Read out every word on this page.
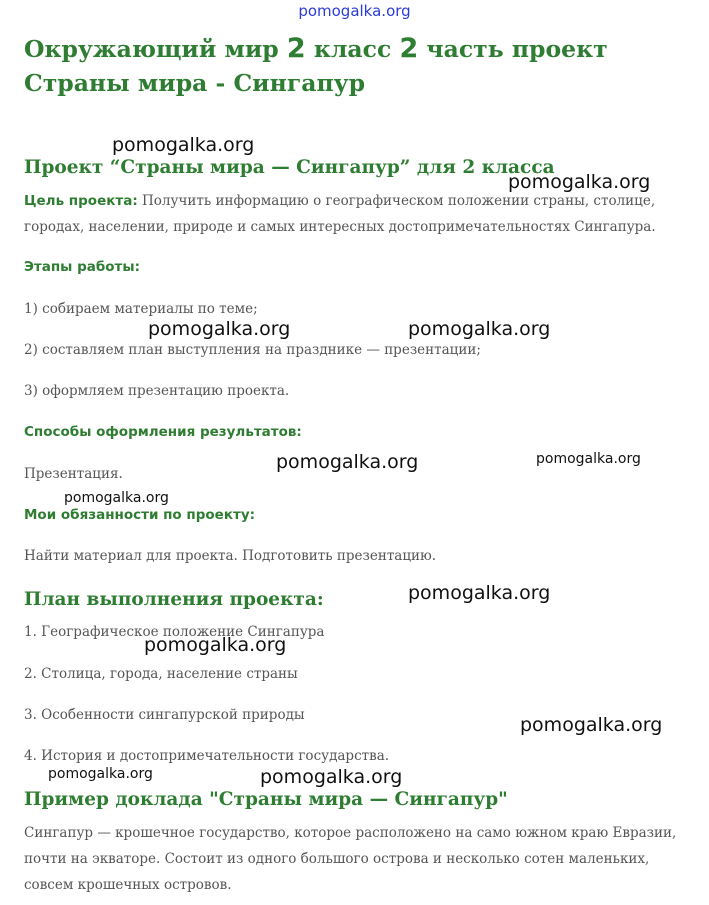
pomogalka.org
Окружающий мир 2 класс 2 часть проект Страны мира - Сингапур
Проект “Страны мира — Сингапур” для 2 класса

Цель проекта: Получить информацию о географическом положении страны, столице, городах, населении, природе и самых интересных достопримечательностях Сингапура.

Этапы работы:

1) собираем материалы по теме;

2) составляем план выступления на празднике — презентации;

3) оформляем презентацию проекта.

Способы оформления результатов:

Презентация.

Мои обязанности по проекту:

Найти материал для проекта. Подготовить презентацию.

План выполнения проекта:

1. Географическое положение Сингапура

2. Столица, города, население страны

3. Особенности сингапурской природы

4. История и достопримечательности государства.

Пример доклада "Страны мира — Сингапур"

Сингапур — крошечное государство, которое расположено на само южном краю Евразии, почти на экваторе. Состоит из одного большого острова и несколько сотен маленьких, совсем крошечных островов.

pomogalka.org
pomogalka.org
pomogalka.org	pomogalka.org
pomogalka.org	pomogalka.org
pomogalka.org
pomogalka.org
pomogalka.org
pomogalka.org
pomogalka.org	pomogalka.org
